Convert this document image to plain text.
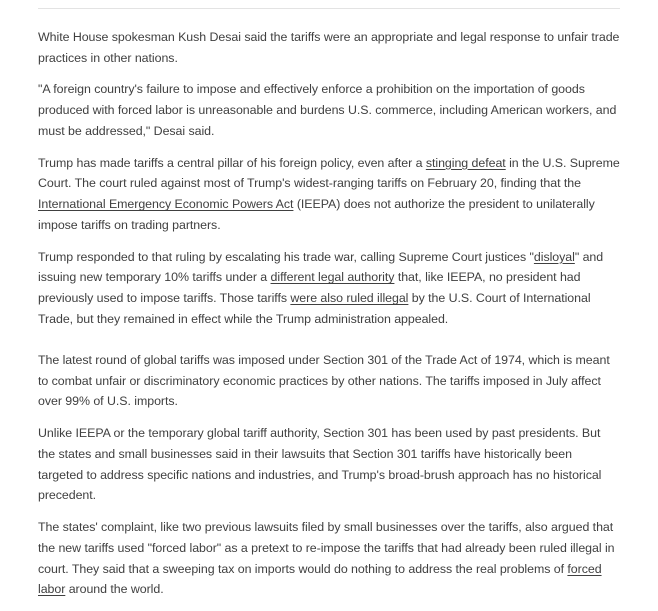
White House spokesman Kush Desai said the tariffs were an appropriate and legal response to unfair trade practices in other nations.

"A foreign country's failure to impose and effectively enforce a prohibition on the importation of goods produced with forced labor is unreasonable and burdens U.S. commerce, including American workers, and must be addressed," Desai said.

Trump has made tariffs a central pillar of his foreign policy, even after a stinging defeat in the U.S. Supreme Court. The court ruled against most of Trump's widest-ranging tariffs on February 20, finding that the International Emergency Economic Powers Act (IEEPA) does not authorize the president to unilaterally impose tariffs on trading partners.

Trump responded to that ruling by escalating his trade war, calling Supreme Court justices "disloyal" and issuing new temporary 10% tariffs under a different legal authority that, like IEEPA, no president had previously used to impose tariffs. Those tariffs were also ruled illegal by the U.S. Court of International Trade, but they remained in effect while the Trump administration appealed.

The latest round of global tariffs was imposed under Section 301 of the Trade Act of 1974, which is meant to combat unfair or discriminatory economic practices by other nations. The tariffs imposed in July affect over 99% of U.S. imports.

Unlike IEEPA or the temporary global tariff authority, Section 301 has been used by past presidents. But the states and small businesses said in their lawsuits that Section 301 tariffs have historically been targeted to address specific nations and industries, and Trump's broad-brush approach has no historical precedent.

The states' complaint, like two previous lawsuits filed by small businesses over the tariffs, also argued that the new tariffs used "forced labor" as a pretext to re-impose the tariffs that had already been ruled illegal in court. They said that a sweeping tax on imports would do nothing to address the real problems of forced labor around the world.
